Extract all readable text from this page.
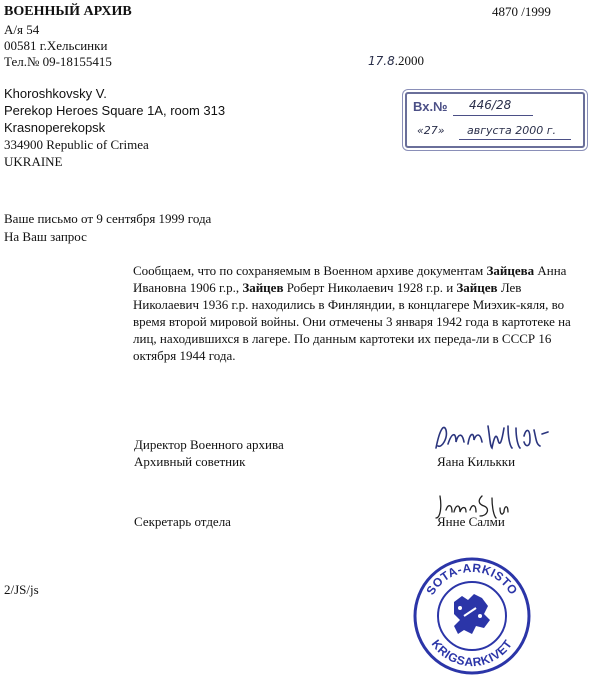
ВОЕННЫЙ АРХИВ
А/я 54
00581 г.Хельсинки
Тел.№ 09-18155415
4870 /1999
17.8.2000
Khoroshkovsky V.
Perekop Heroes Square 1A, room 313
Krasnoperekopsk
334900 Republic of Crimea
UKRAINE
Вх.№ 446/28
«27» августа 2000 г.
Ваше письмо от 9 сентября 1999 года
На Ваш запрос
Сообщаем, что по сохраняемым в Военном архиве документам Зайцева Анна Ивановна 1906 г.р., Зайцев Роберт Николаевич 1928 г.р. и Зайцев Лев Николаевич 1936 г.р. находились в Финляндии, в концлагере Миэхик-кяля, во время второй мировой войны. Они отмечены 3 января 1942 года в картотеке на лиц, находившихся в лагере. По данным картотеки их переда-ли в СССР 16 октября 1944 года.
Директор Военного архива
Архивный советник	Яана Килькки
Секретарь отдела	Янне Салми
2/JS/js	SOTA-ARKISTO
KRIGSARKIVET
